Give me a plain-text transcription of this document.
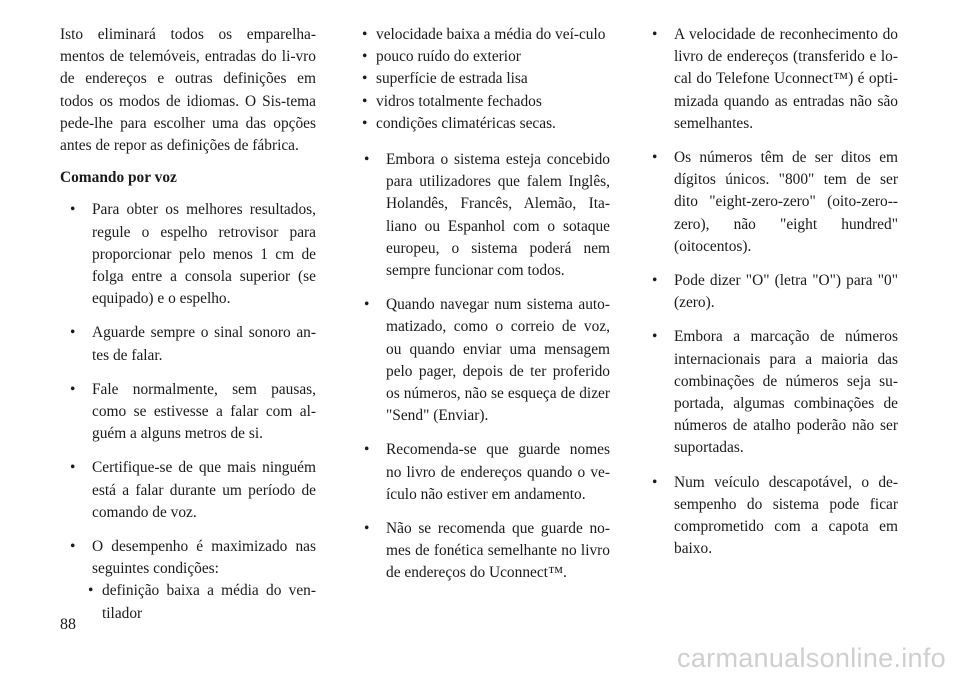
Isto eliminará todos os emparelha-mentos de telemóveis, entradas do li-vro de endereços e outras definições em todos os modos de idiomas. O Sis-tema pede-lhe para escolher uma das opções antes de repor as definições de fábrica.

Comando por voz

• Para obter os melhores resultados, regule o espelho retrovisor para proporcionar pelo menos 1 cm de folga entre a consola superior (se equipado) e o espelho.

• Aguarde sempre o sinal sonoro an-tes de falar.

• Fale normalmente, sem pausas, como se estivesse a falar com al-guém a alguns metros de si.

• Certifique-se de que mais ninguém está a falar durante um período de comando de voz.

• O desempenho é maximizado nas seguintes condições:

• definição baixa a média do ven-tilador

• velocidade baixa a média do veí-culo

• pouco ruído do exterior

• superfície de estrada lisa

• vidros totalmente fechados

• condições climatéricas secas.

• Embora o sistema esteja concebido para utilizadores que falem Inglês, Holandês, Francês, Alemão, Ita-liano ou Espanhol com o sotaque europeu, o sistema poderá nem sempre funcionar com todos.

• Quando navegar num sistema auto-matizado, como o correio de voz, ou quando enviar uma mensagem pelo pager, depois de ter proferido os números, não se esqueça de dizer "Send" (Enviar).

• Recomenda-se que guarde nomes no livro de endereços quando o ve-ículo não estiver em andamento.

• Não se recomenda que guarde no-mes de fonética semelhante no livro de endereços do Uconnect™.

• A velocidade de reconhecimento do livro de endereços (transferido e lo-cal do Telefone Uconnect™) é opti-mizada quando as entradas não são semelhantes.

• Os números têm de ser ditos em dígitos únicos. "800" tem de ser dito "eight-zero-zero" (oito-zero--zero), não "eight hundred" (oitocentos).

• Pode dizer "O" (letra "O") para "0" (zero).

• Embora a marcação de números internacionais para a maioria das combinações de números seja su-portada, algumas combinações de números de atalho poderão não ser suportadas.

• Num veículo descapotável, o de-sempenho do sistema pode ficar comprometido com a capota em baixo.

88
carmanualsonline.info
